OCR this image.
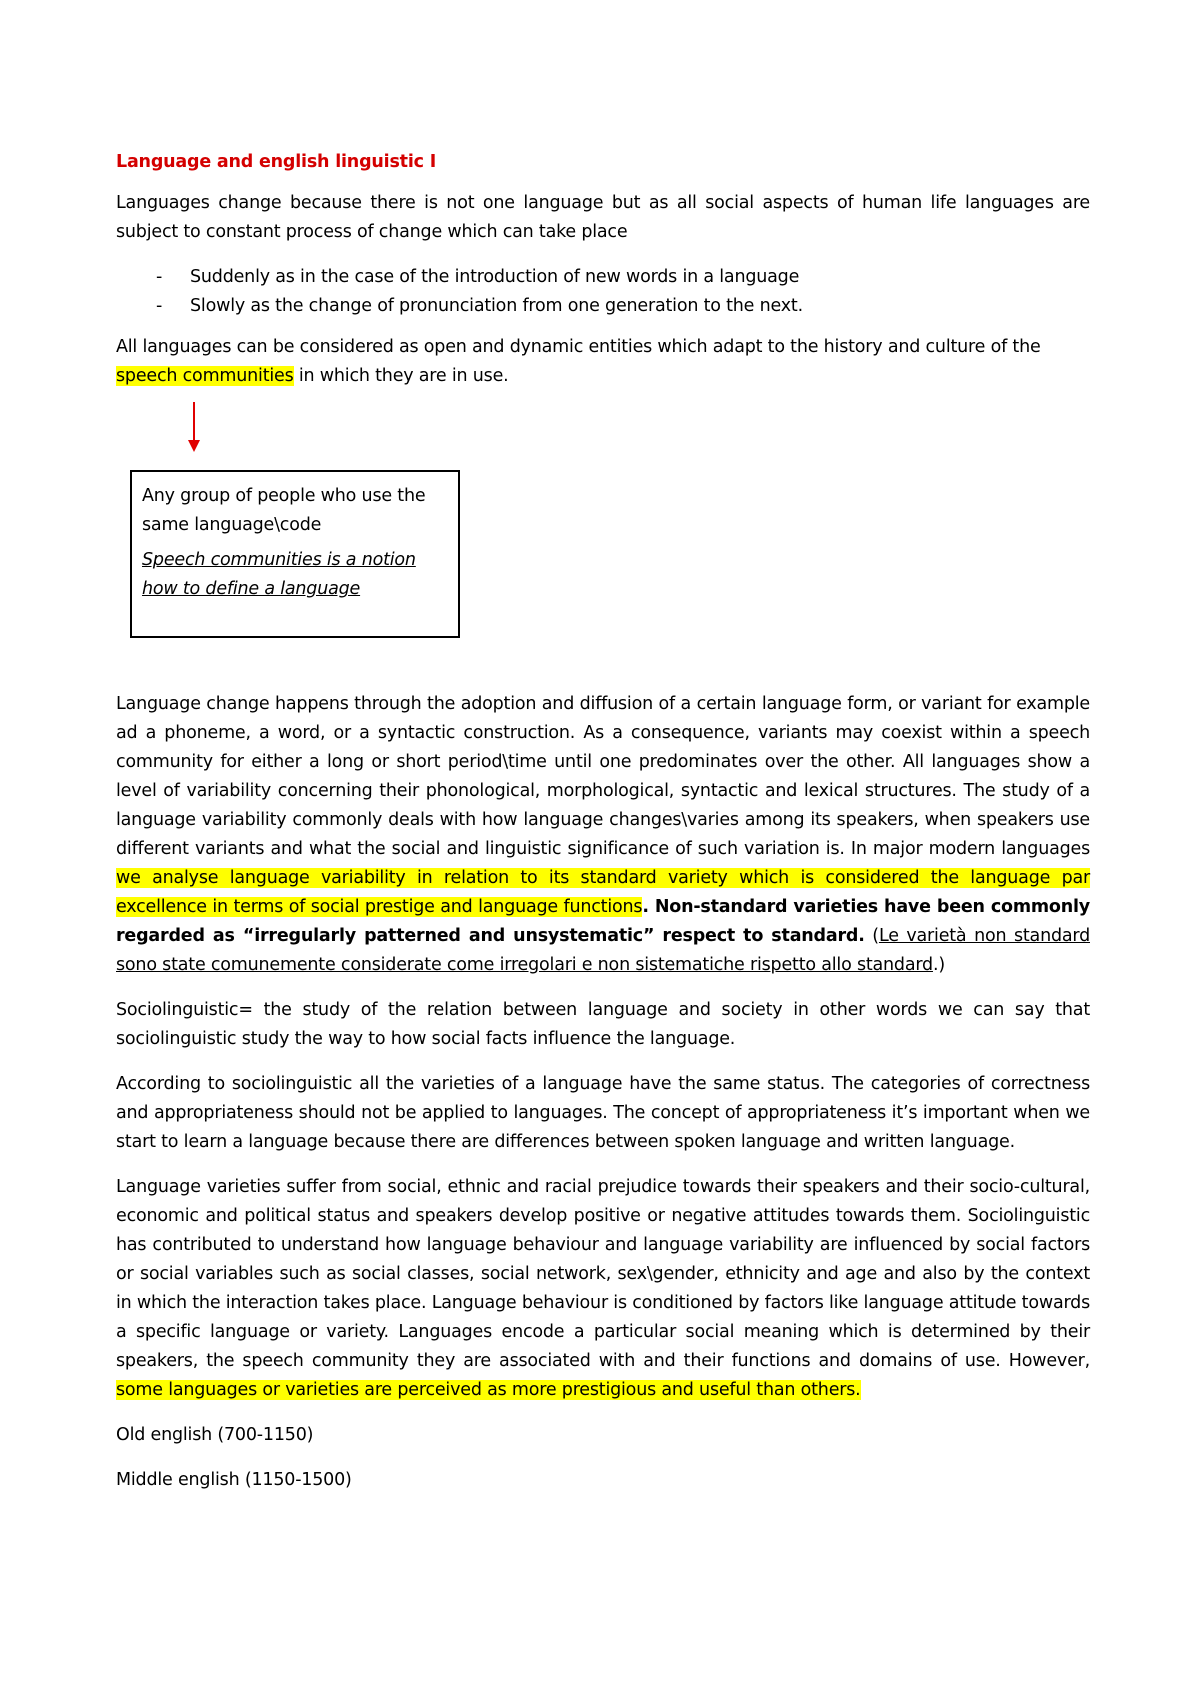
Language and english linguistic I

Languages change because there is not one language but as all social aspects of human life languages are subject to constant process of change which can take place

- Suddenly as in the case of the introduction of new words in a language
- Slowly as the change of pronunciation from one generation to the next.

All languages can be considered as open and dynamic entities which adapt to the history and culture of the speech communities in which they are in use.

Any group of people who use the same language\code

Speech communities is a notion how to define a language

Language change happens through the adoption and diffusion of a certain language form, or variant for example ad a phoneme, a word, or a syntactic construction. As a consequence, variants may coexist within a speech community for either a long or short period\time until one predominates over the other. All languages show a level of variability concerning their phonological, morphological, syntactic and lexical structures. The study of a language variability commonly deals with how language changes\varies among its speakers, when speakers use different variants and what the social and linguistic significance of such variation is. In major modern languages we analyse language variability in relation to its standard variety which is considered the language par excellence in terms of social prestige and language functions. Non-standard varieties have been commonly regarded as “irregularly patterned and unsystematic” respect to standard. (Le varietà non standard sono state comunemente considerate come irregolari e non sistematiche rispetto allo standard.)

Sociolinguistic= the study of the relation between language and society in other words we can say that sociolinguistic study the way to how social facts influence the language.

According to sociolinguistic all the varieties of a language have the same status. The categories of correctness and appropriateness should not be applied to languages. The concept of appropriateness it’s important when we start to learn a language because there are differences between spoken language and written language.

Language varieties suffer from social, ethnic and racial prejudice towards their speakers and their socio-cultural, economic and political status and speakers develop positive or negative attitudes towards them. Sociolinguistic has contributed to understand how language behaviour and language variability are influenced by social factors or social variables such as social classes, social network, sex\gender, ethnicity and age and also by the context in which the interaction takes place. Language behaviour is conditioned by factors like language attitude towards a specific language or variety. Languages encode a particular social meaning which is determined by their speakers, the speech community they are associated with and their functions and domains of use. However, some languages or varieties are perceived as more prestigious and useful than others.

Old english (700-1150)

Middle english (1150-1500)
